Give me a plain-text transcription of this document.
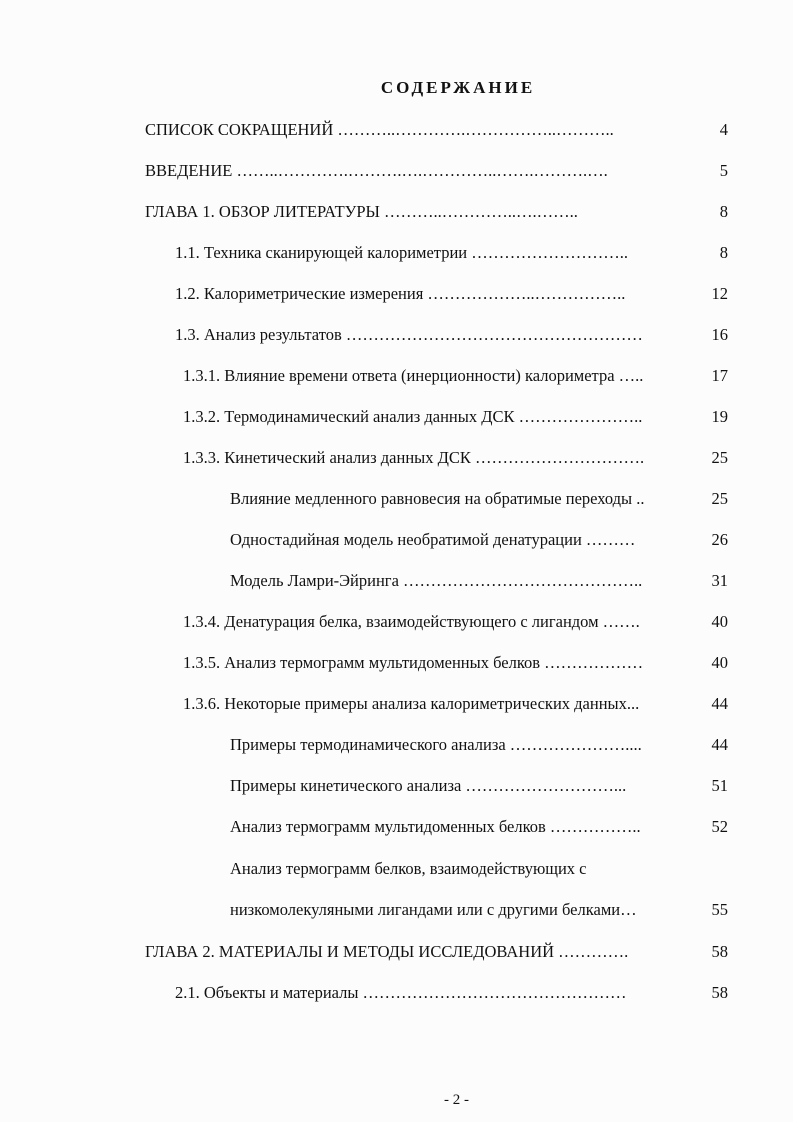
СОДЕРЖАНИЕ
СПИСОК СОКРАЩЕНИЙ ………..………….……………..………..	4
ВВЕДЕНИЕ ……..………….……….….…………..…….……….….	5
ГЛАВА 1. ОБЗОР ЛИТЕРАТУРЫ ………..…………..….……..	8
1.1. Техника сканирующей калориметрии ………………………..	8
1.2. Калориметрические измерения ………………..……………..	12
1.3. Анализ результатов ………………………………………………	16
1.3.1. Влияние времени ответа (инерционности) калориметра …..	17
1.3.2. Термодинамический анализ данных ДСК …………………..	19
1.3.3. Кинетический анализ данных ДСК ………………………….	25
Влияние медленного равновесия на обратимые переходы ..	25
Одностадийная модель необратимой денатурации ………	26
Модель Ламри-Эйринга ……………………………………..	31
1.3.4. Денатурация белка, взаимодействующего с лигандом …….	40
1.3.5. Анализ термограмм мультидоменных белков ………………	40
1.3.6. Некоторые примеры анализа калориметрических данных...	44
Примеры термодинамического анализа …………………....	44
Примеры кинетического анализа ………………………...	51
Анализ термограмм мультидоменных белков ……………..	52
Анализ термограмм белков, взаимодействующих с
низкомолекуляными лигандами или с другими белками…	55
ГЛАВА 2. МАТЕРИАЛЫ И МЕТОДЫ ИССЛЕДОВАНИЙ ………….	58
2.1. Объекты и материалы …………………………………………	58
- 2 -
